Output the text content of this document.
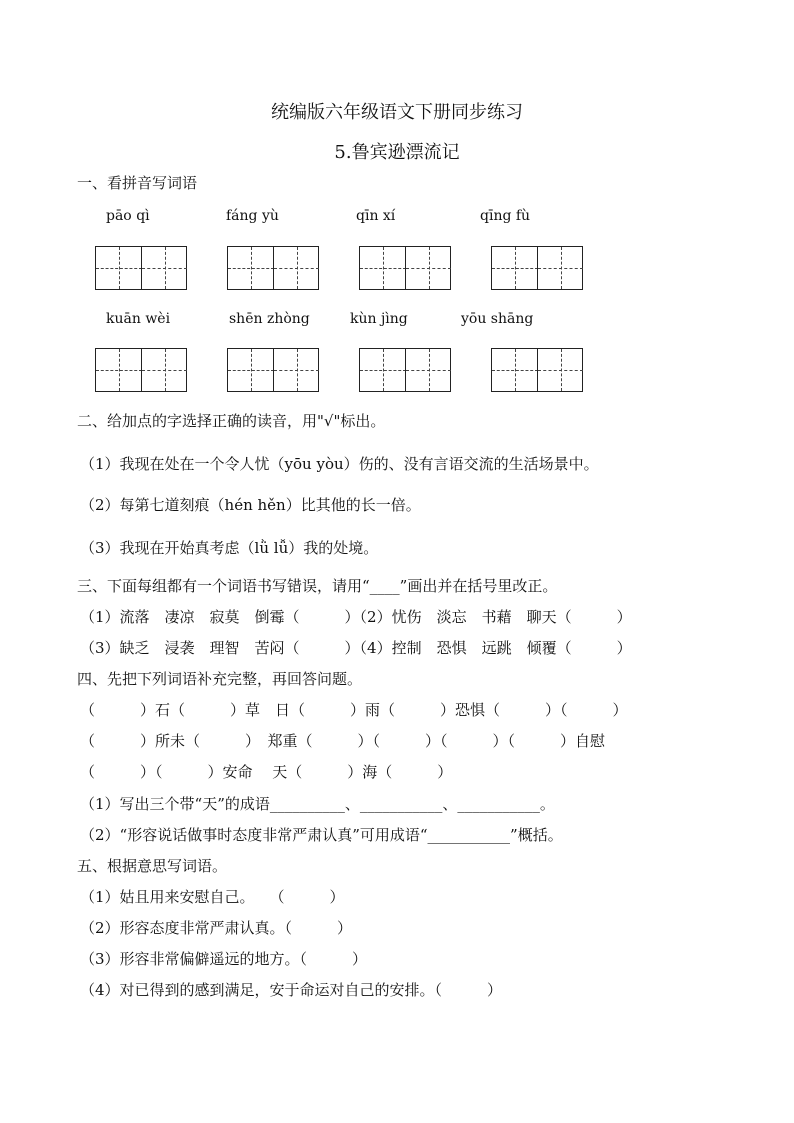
统编版六年级语文下册同步练习
5.鲁宾逊漂流记
一、看拼音写词语
pāo qì	fáng yù	qīn xí	qīng fù
kuān wèi	shēn zhòng	kùn jìng	yōu shāng
二、给加点的字选择正确的读音，用"√"标出。
（1）我现在处在一个令人忧（yōu yòu）伤的、没有言语交流的生活场景中。
（2）每第七道刻痕（hén hěn）比其他的长一倍。
（3）我现在开始真考虑（lǜ lǚ）我的处境。
三、下面每组都有一个词语书写错误，请用“____”画出并在括号里改正。
（1）流落　凄凉　寂莫　倒霉（　　　）（2）忧伤　淡忘　书藉　聊天（　　　）
（3）缺乏　浸袭　理智　苦闷（　　　）（4）控制　恐惧　远跳　倾覆（　　　）
四、先把下列词语补充完整，再回答问题。
（　　　）石（　　　）草　日（　　　）雨（　　　）恐惧（　　　）（　　　）
（　　　）所未（　　　）　郑重（　　　）（　　　）（　　　）（　　　）自慰
（　　　）（　　　）安命　 天（　　　）海（　　　）
（1）写出三个带“天”的成语__________、___________、___________。
（2）“形容说话做事时态度非常严肃认真”可用成语“___________”概括。
五、根据意思写词语。
（1）姑且用来安慰自己。　　（　　　）
（2）形容态度非常严肃认真。（　　　）
（3）形容非常偏僻遥远的地方。（　　　）
（4）对已得到的感到满足，安于命运对自己的安排。（　　　）
